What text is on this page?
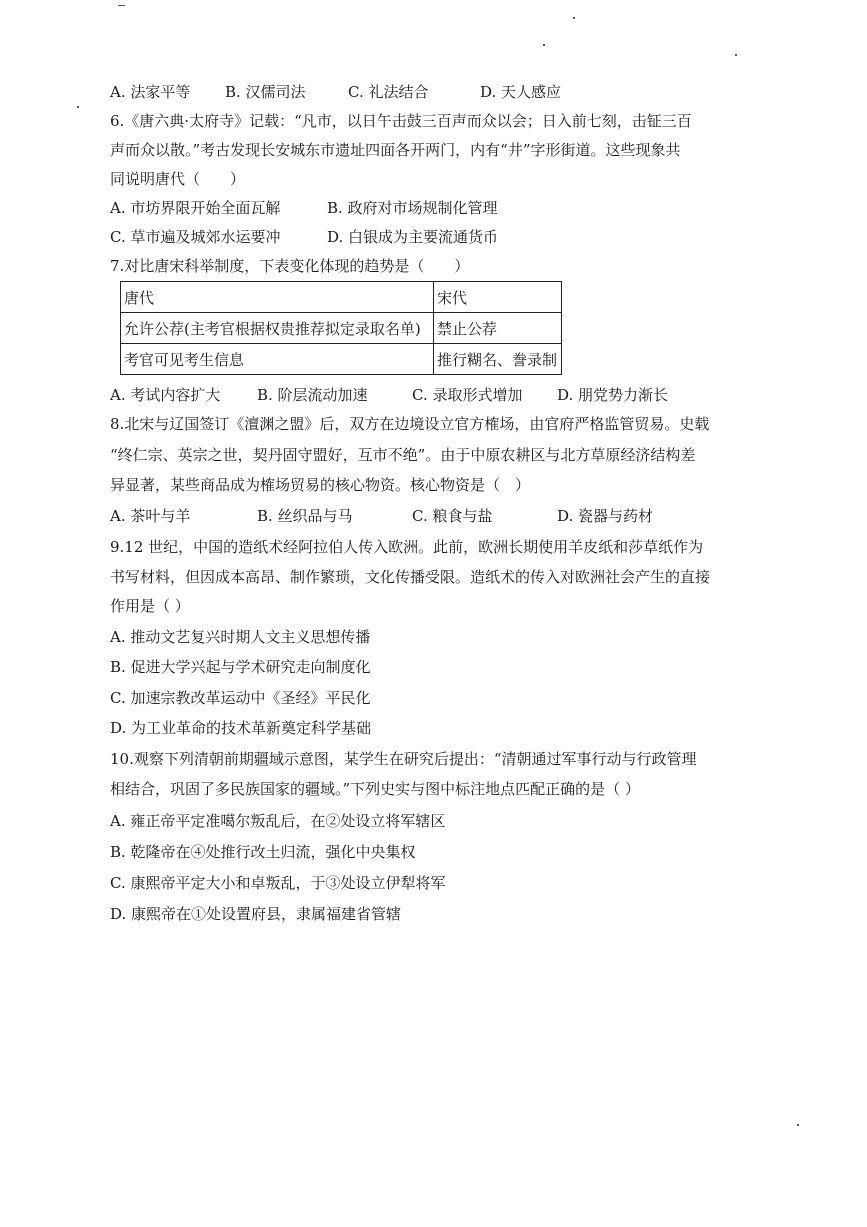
A. 法家平等 B. 汉儒司法	C. 礼法结合	D. 天人感应
6.《唐六典·太府寺》记载：“凡市，以日午击鼓三百声而众以会；日入前七刻，击钲三百
声而众以散。”考古发现长安城东市遗址四面各开两门，内有“井”字形街道。这些现象共
同说明唐代（　　）
A. 市坊界限开始全面瓦解	B. 政府对市场规制化管理
C. 草市遍及城郊水运要冲	D. 白银成为主要流通货币
7.对比唐宋科举制度，下表变化体现的趋势是（　　）
唐代	宋代
允许公荐(主考官根据权贵推荐拟定录取名单)	禁止公荐
考官可见考生信息	推行糊名、誊录制
A. 考试内容扩大 B. 阶层流动加速	C. 录取形式增加 D. 朋党势力渐长
8.北宋与辽国签订《澶渊之盟》后，双方在边境设立官方榷场，由官府严格监管贸易。史载
“终仁宗、英宗之世，契丹固守盟好，互市不绝”。由于中原农耕区与北方草原经济结构差
异显著，某些商品成为榷场贸易的核心物资。核心物资是（　）
A. 茶叶与羊	B. 丝织品与马	C. 粮食与盐	D. 瓷器与药材
9.12 世纪，中国的造纸术经阿拉伯人传入欧洲。此前，欧洲长期使用羊皮纸和莎草纸作为
书写材料，但因成本高昂、制作繁琐，文化传播受限。造纸术的传入对欧洲社会产生的直接
作用是（ ）
A. 推动文艺复兴时期人文主义思想传播
B. 促进大学兴起与学术研究走向制度化
C. 加速宗教改革运动中《圣经》平民化
D. 为工业革命的技术革新奠定科学基础
10.观察下列清朝前期疆域示意图，某学生在研究后提出：“清朝通过军事行动与行政管理
相结合，巩固了多民族国家的疆域。”下列史实与图中标注地点匹配正确的是（ ）
A. 雍正帝平定准噶尔叛乱后，在②处设立将军辖区
B. 乾隆帝在④处推行改土归流，强化中央集权
C. 康熙帝平定大小和卓叛乱，于③处设立伊犁将军
D. 康熙帝在①处设置府县，隶属福建省管辖
